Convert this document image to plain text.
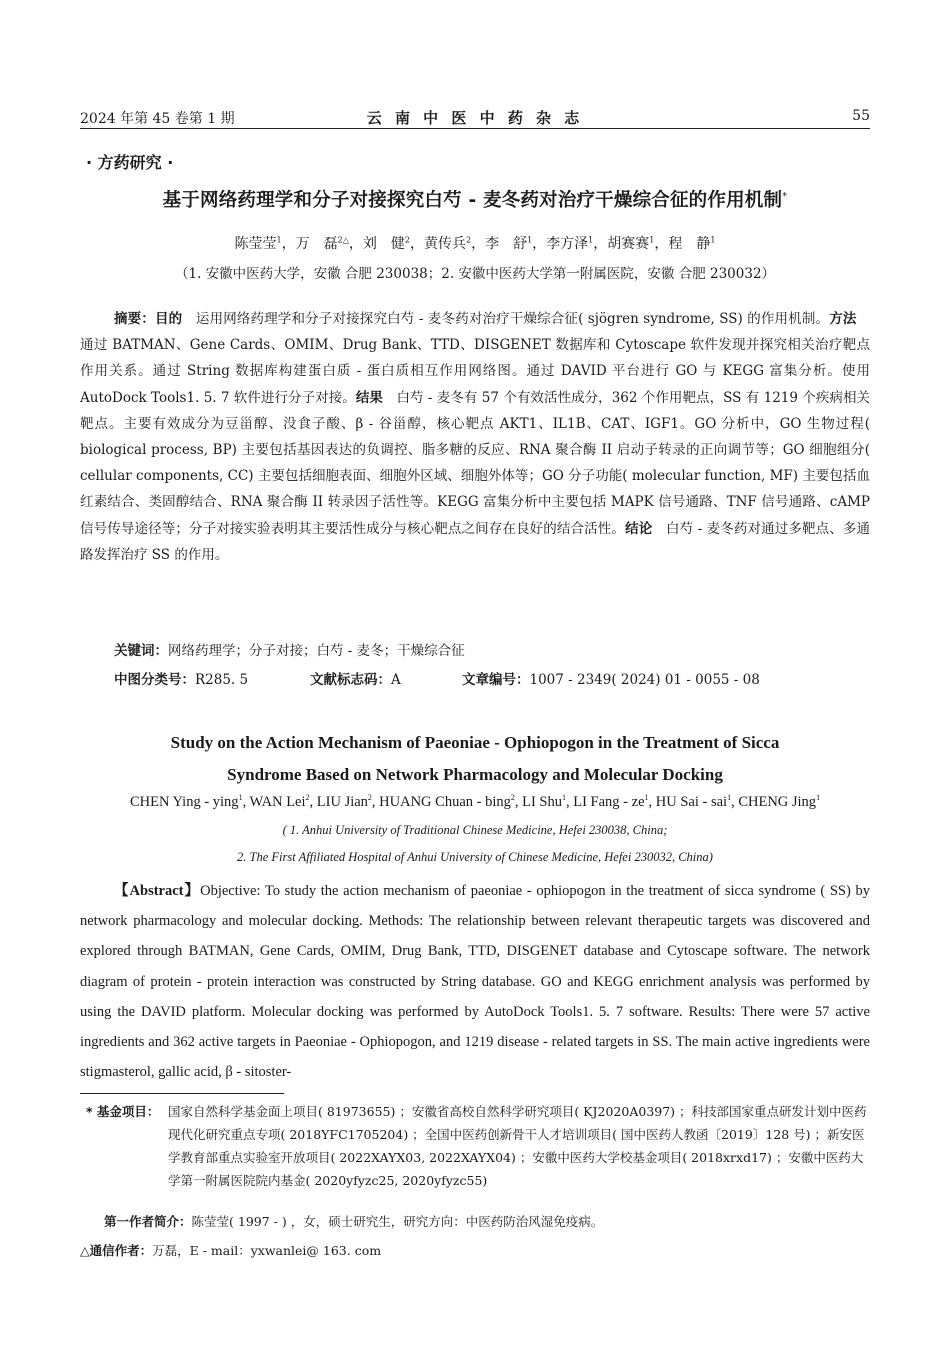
2024 年第 45 卷第 1 期	云 南 中 医 中 药 杂 志	55
· 方药研究 ·
基于网络药理学和分子对接探究白芍 - 麦冬药对治疗干燥综合征的作用机制*
陈莹莹$^1$，万　磊$^{2\triangle}$，刘　健$^2$，黄传兵$^2$，李　舒$^1$，李方泽$^1$，胡赛赛$^1$，程　静$^1$
（1. 安徽中医药大学，安徽 合肥 230038；2. 安徽中医药大学第一附属医院，安徽 合肥 230032）
摘要：目的　运用网络药理学和分子对接探究白芍 - 麦冬药对治疗干燥综合征( sjögren syndrome, SS) 的作用机制。方法　通过 BATMAN、Gene Cards、OMIM、Drug Bank、TTD、DISGENET 数据库和 Cytoscape 软件发现并探究相关治疗靶点作用关系。通过 String 数据库构建蛋白质 - 蛋白质相互作用网络图。通过 DAVID 平台进行 GO 与 KEGG 富集分析。使用 AutoDock Tools1. 5. 7 软件进行分子对接。结果　白芍 - 麦冬有 57 个有效活性成分，362 个作用靶点，SS 有 1219 个疾病相关靶点。主要有效成分为豆甾醇、没食子酸、β - 谷甾醇，核心靶点 AKT1、IL1B、CAT、IGF1。GO 分析中，GO 生物过程( biological process, BP) 主要包括基因表达的负调控、脂多糖的反应、RNA 聚合酶 II 启动子转录的正向调节等；GO 细胞组分( cellular components, CC) 主要包括细胞表面、细胞外区域、细胞外体等；GO 分子功能( molecular function, MF) 主要包括血红素结合、类固醇结合、RNA 聚合酶 II 转录因子活性等。KEGG 富集分析中主要包括 MAPK 信号通路、TNF 信号通路、cAMP 信号传导途径等；分子对接实验表明其主要活性成分与核心靶点之间存在良好的结合活性。结论　白芍 - 麦冬药对通过多靶点、多通路发挥治疗 SS 的作用。
关键词：网络药理学；分子对接；白芍 - 麦冬；干燥综合征
中图分类号：R285. 5	文献标志码：A	文章编号：1007 - 2349( 2024) 01 - 0055 - 08
Study on the Action Mechanism of Paeoniae - Ophiopogon in the Treatment of Sicca
Syndrome Based on Network Pharmacology and Molecular Docking
CHEN Ying - ying$^1$, WAN Lei$^2$, LIU Jian$^2$, HUANG Chuan - bing$^2$, LI Shu$^1$, LI Fang - $ze^1$, HU Sai - sai$^1$, CHENG Jing$^1$
( 1. Anhui University of Traditional Chinese Medicine, Hefei 230038, China;
2. The First Affiliated Hospital of Anhui University of Chinese Medicine, Hefei 230032, China)
【Abstract】Objective: To study the action mechanism of paeoniae - ophiopogon in the treatment of sicca syndrome ( SS) by network pharmacology and molecular docking. Methods: The relationship between relevant therapeutic targets was discovered and explored through BATMAN, Gene Cards, OMIM, Drug Bank, TTD, DISGENET database and Cytoscape software. The network diagram of protein - protein interaction was constructed by String database. GO and KEGG enrichment analysis was performed by using the DAVID platform. Molecular docking was performed by AutoDock Tools1. 5. 7 software. Results: There were 57 active ingredients and 362 active targets in Paeoniae - Ophiopogon, and 1219 disease - related targets in SS. The main active ingredients were stigmasterol, gallic acid, β - sitoster-
* 基金项目： 国家自然科学基金面上项目( 81973655) ；安徽省高校自然科学研究项目( KJ2020A0397) ；科技部国家重点研发计划中医药现代化研究重点专项( 2018YFC1705204) ；全国中医药创新骨干人才培训项目( 国中医药人教函〔2019〕128 号) ；新安医学教育部重点实验室开放项目( 2022XAYX03, 2022XAYX04) ；安徽中医药大学校基金项目( 2018xrxd17) ；安徽中医药大学第一附属医院院内基金( 2020yfyzc25, 2020yfyzc55)
第一作者简介：陈莹莹( 1997 - ) ，女，硕士研究生，研究方向：中医药防治风湿免疫病。
△通信作者：万磊，E - mail：yxwanlei@ 163. com
